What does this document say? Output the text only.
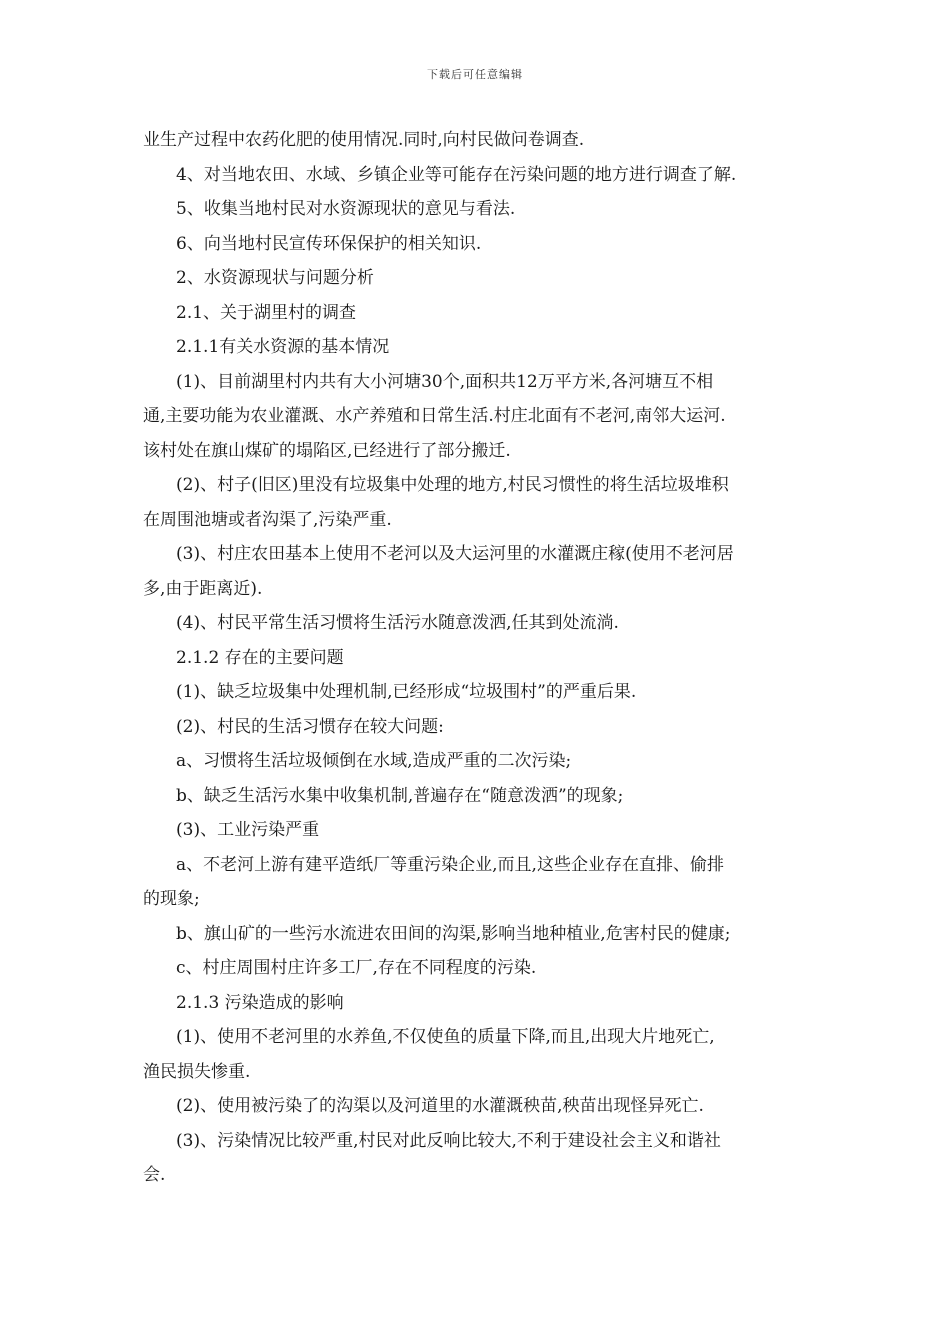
下载后可任意编辑
业生产过程中农药化肥的使用情况.同时,向村民做问卷调查.
4、对当地农田、水域、乡镇企业等可能存在污染问题的地方进行调查了解.
5、收集当地村民对水资源现状的意见与看法.
6、向当地村民宣传环保保护的相关知识.
2、水资源现状与问题分析
2.1、关于湖里村的调查
2.1.1有关水资源的基本情况
(1)、目前湖里村内共有大小河塘30个,面积共12万平方米,各河塘互不相
通,主要功能为农业灌溉、水产养殖和日常生活.村庄北面有不老河,南邻大运河.
该村处在旗山煤矿的塌陷区,已经进行了部分搬迁.
(2)、村子(旧区)里没有垃圾集中处理的地方,村民习惯性的将生活垃圾堆积
在周围池塘或者沟渠了,污染严重.
(3)、村庄农田基本上使用不老河以及大运河里的水灌溉庄稼(使用不老河居
多,由于距离近).
(4)、村民平常生活习惯将生活污水随意泼洒,任其到处流淌.
2.1.2 存在的主要问题
(1)、缺乏垃圾集中处理机制,已经形成“垃圾围村”的严重后果.
(2)、村民的生活习惯存在较大问题:
a、习惯将生活垃圾倾倒在水域,造成严重的二次污染;
b、缺乏生活污水集中收集机制,普遍存在“随意泼洒”的现象;
(3)、工业污染严重
a、不老河上游有建平造纸厂等重污染企业,而且,这些企业存在直排、偷排
的现象;
b、旗山矿的一些污水流进农田间的沟渠,影响当地种植业,危害村民的健康;
c、村庄周围村庄许多工厂,存在不同程度的污染.
2.1.3 污染造成的影响
(1)、使用不老河里的水养鱼,不仅使鱼的质量下降,而且,出现大片地死亡,
渔民损失惨重.
(2)、使用被污染了的沟渠以及河道里的水灌溉秧苗,秧苗出现怪异死亡.
(3)、污染情况比较严重,村民对此反响比较大,不利于建设社会主义和谐社
会.
